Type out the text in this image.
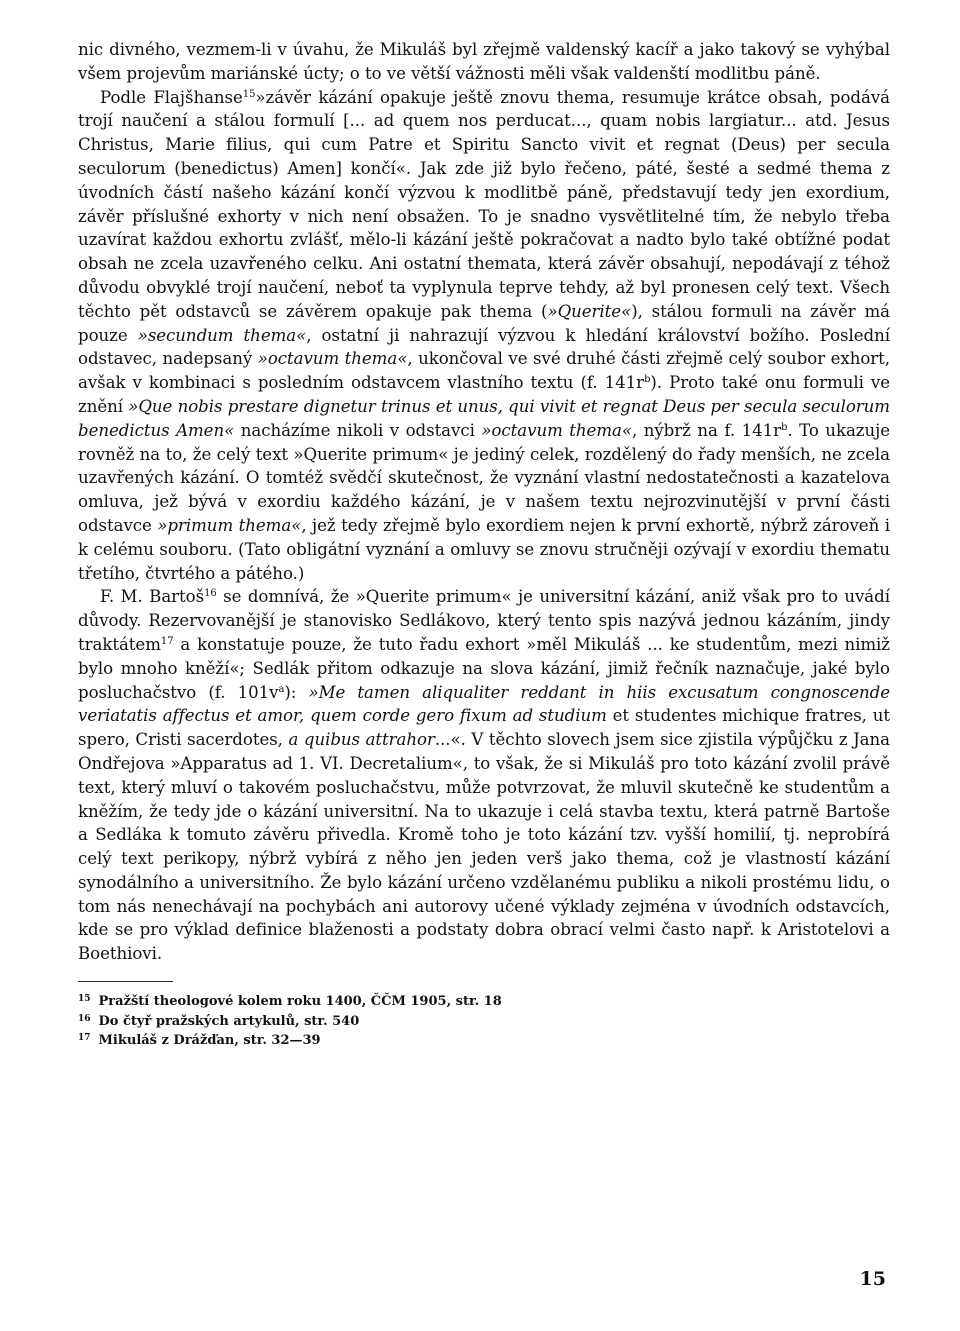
nic divného, vezmem-li v úvahu, že Mikuláš byl zřejmě valdenský kacíř a jako takový se vyhýbal všem projevům mariánské úcty; o to ve větší vážnosti měli však valdenští modlitbu páně.

Podle Flajšhanse$^{15}$»závěr kázání opakuje ještě znovu thema, resumuje krátce obsah, podává trojí naučení a stálou formulí [... ad quem nos perducat..., quam nobis largiatur... atd. Jesus Christus, Marie filius, qui cum Patre et Spiritu Sancto vivit et regnat (Deus) per secula seculorum (benedictus) Amen] končí«. Jak zde již bylo řečeno, páté, šesté a sedmé thema z úvodních částí našeho kázání končí výzvou k modlitbě páně, představují tedy jen exordium, závěr příslušné exhorty v nich není obsažen. To je snadno vysvětlitelné tím, že nebylo třeba uzavírat každou exhortu zvlášť, mělo-li kázání ještě pokračovat a nadto bylo také obtížné podat obsah ne zcela uzavřeného celku. Ani ostatní themata, která závěr obsahují, nepodávají z téhož důvodu obvyklé trojí naučení, neboť ta vyplynula teprve tehdy, až byl pronesen celý text. Všech těchto pět odstavců se závěrem opakuje pak thema (»Querite«), stálou formuli na závěr má pouze »secundum thema«, ostatní ji nahrazují výzvou k hledání království božího. Poslední odstavec, nadepsaný »octavum thema«, ukončoval ve své druhé části zřejmě celý soubor exhort, avšak v kombinaci s posledním odstavcem vlastního textu (f. $141r^b$). Proto také onu formuli ve znění »Que nobis prestare dignetur trinus et unus, qui vivit et regnat Deus per secula seculorum benedictus Amen« nacházíme nikoli v odstavci »octavum thema«, nýbrž na f. $141r^b$. To ukazuje rovněž na to, že celý text »Querite primum« je jediný celek, rozdělený do řady menších, ne zcela uzavřených kázání. O tomtéž svědčí skutečnost, že vyznání vlastní nedostatečnosti a kazatelova omluva, jež bývá v exordiu každého kázání, je v našem textu nejrozvinutější v první části odstavce »primum thema«, jež tedy zřejmě bylo exordiem nejen k první exhortě, nýbrž zároveň i k celému souboru. (Tato obligátní vyznání a omluvy se znovu stručněji ozývají v exordiu thematu třetího, čtvrtého a pátého.)

F. M. Bartoš$^{16}$ se domnívá, že »Querite primum« je universitní kázání, aniž však pro to uvádí důvody. Rezervovanější je stanovisko Sedlákovo, který tento spis nazývá jednou kázáním, jindy traktátem$^{17}$ a konstatuje pouze, že tuto řadu exhort »měl Mikuláš ... ke studentům, mezi nimiž bylo mnoho kněží«; Sedlák přitom odkazuje na slova kázání, jimiž řečník naznačuje, jaké bylo posluchačstvo (f. $101v^a$): »Me tamen aliqualiter reddant in hiis excusatum congnoscende veriatatis affectus et amor, quem corde gero fixum ad studium et studentes michique fratres, ut spero, Cristi sacerdotes, a quibus attrahor...«. V těchto slovech jsem sice zjistila výpůjčku z Jana Ondřejova »Apparatus ad 1. VI. Decretalium«, to však, že si Mikuláš pro toto kázání zvolil právě text, který mluví o takovém posluchačstvu, může potvrzovat, že mluvil skutečně ke studentům a kněžím, že tedy jde o kázání universitní. Na to ukazuje i celá stavba textu, která patrně Bartoše a Sedláka k tomuto závěru přivedla. Kromě toho je toto kázání tzv. vyšší homilií, tj. neprobírá celý text perikopy, nýbrž vybírá z něho jen jeden verš jako thema, což je vlastností kázání synodálního a universitního. Že bylo kázání určeno vzdělanému publiku a nikoli prostému lidu, o tom nás nenechávají na pochybách ani autorovy učené výklady zejména v úvodních odstavcích, kde se pro výklad definice blaženosti a podstaty dobra obrací velmi často např. k Aristotelovi a Boethiovi.

$^{15}$ Pražští theologové kolem roku 1400, ČČM 1905, str. 18

$^{16}$ Do čtyř pražských artykulů, str. 540

$^{17}$ Mikuláš z Drážďan, str. 32—39

15
